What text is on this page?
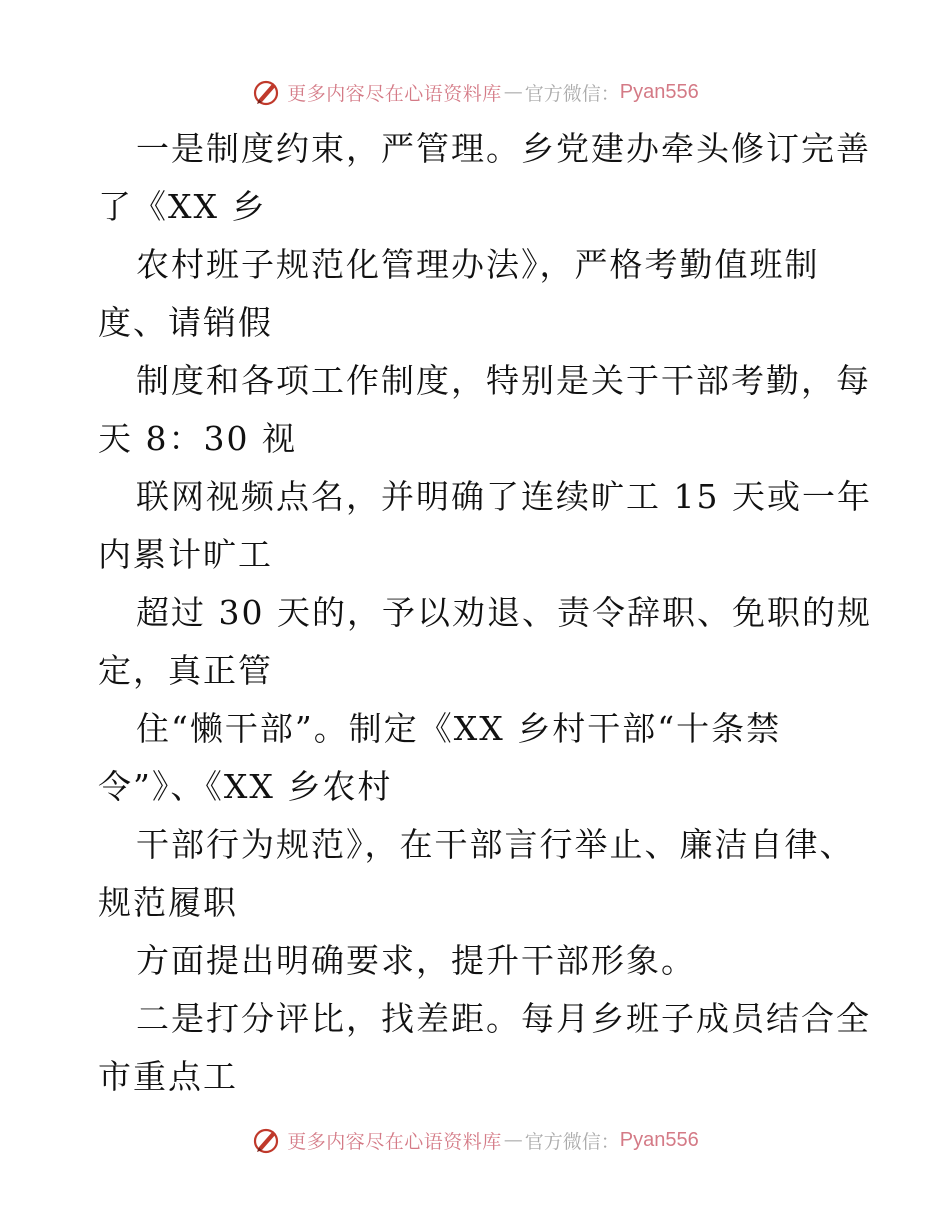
更多内容尽在心语资料库 — 官方微信： Pyan556
一是制度约束，严管理。乡党建办牵头修订完善
了《XX 乡
农村班子规范化管理办法》，严格考勤值班制
度、请销假
制度和各项工作制度，特别是关于干部考勤，每
天 8：30 视
联网视频点名，并明确了连续旷工 15 天或一年
内累计旷工
超过 30 天的，予以劝退、责令辞职、免职的规
定，真正管
住“懒干部”。制定《XX 乡村干部“十条禁
令”》、《XX 乡农村
干部行为规范》，在干部言行举止、廉洁自律、
规范履职
方面提出明确要求，提升干部形象。
二是打分评比，找差距。每月乡班子成员结合全
市重点工
更多内容尽在心语资料库 — 官方微信： Pyan556
